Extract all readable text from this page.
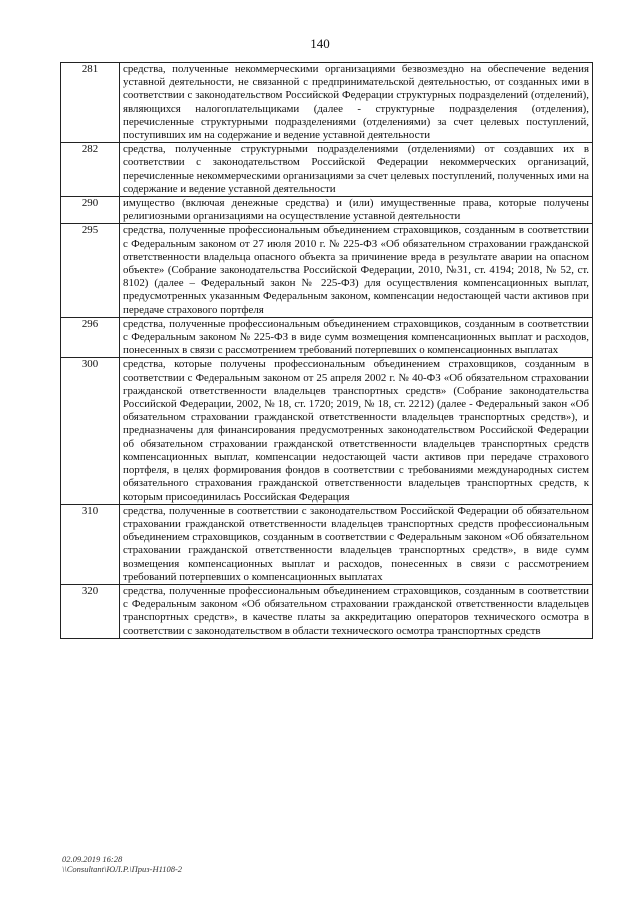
140
281	средства, полученные некоммерческими организациями безвозмездно на обеспечение ведения уставной деятельности, не связанной с предпринимательской деятельностью, от созданных ими в соответствии с законодательством Российской Федерации структурных подразделений (отделений), являющихся налогоплательщиками (далее - структурные подразделения (отделения), перечисленные структурными подразделениями (отделениями) за счет целевых поступлений, поступивших им на содержание и ведение уставной деятельности
282	средства, полученные структурными подразделениями (отделениями) от создавших их в соответствии с законодательством Российской Федерации некоммерческих организаций, перечисленные некоммерческими организациями за счет целевых поступлений, полученных ими на содержание и ведение уставной деятельности
290	имущество (включая денежные средства) и (или) имущественные права, которые получены религиозными организациями на осуществление уставной деятельности
295	средства, полученные профессиональным объединением страховщиков, созданным в соответствии с Федеральным законом от 27 июля 2010 г. № 225-ФЗ «Об обязательном страховании гражданской ответственности владельца опасного объекта за причинение вреда в результате аварии на опасном объекте» (Собрание законодательства Российской Федерации, 2010, №31, ст. 4194; 2018, № 52, ст. 8102) (далее – Федеральный закон № 225-ФЗ) для осуществления компенсационных выплат, предусмотренных указанным Федеральным законом, компенсации недостающей части активов при передаче страхового портфеля
296	средства, полученные профессиональным объединением страховщиков, созданным в соответствии с Федеральным законом № 225-ФЗ в виде сумм возмещения компенсационных выплат и расходов, понесенных в связи с рассмотрением требований потерпевших о компенсационных выплатах
300	средства, которые получены профессиональным объединением страховщиков, созданным в соответствии с Федеральным законом от 25 апреля 2002 г. № 40-ФЗ «Об обязательном страховании гражданской ответственности владельцев транспортных средств» (Собрание законодательства Российской Федерации, 2002, № 18, ст. 1720; 2019, № 18, ст. 2212) (далее - Федеральный закон «Об обязательном страховании гражданской ответственности владельцев транспортных средств»), и предназначены для финансирования предусмотренных законодательством Российской Федерации об обязательном страховании гражданской ответственности владельцев транспортных средств компенсационных выплат, компенсации недостающей части активов при передаче страхового портфеля, в целях формирования фондов в соответствии с требованиями международных систем обязательного страхования гражданской ответственности владельцев транспортных средств, к которым присоединилась Российская Федерация
310	средства, полученные в соответствии с законодательством Российской Федерации об обязательном страховании гражданской ответственности владельцев транспортных средств профессиональным объединением страховщиков, созданным в соответствии с Федеральным законом «Об обязательном страховании гражданской ответственности владельцев транспортных средств», в виде сумм возмещения компенсационных выплат и расходов, понесенных в связи с рассмотрением требований потерпевших о компенсационных выплатах
320	средства, полученные профессиональным объединением страховщиков, созданным в соответствии с Федеральным законом «Об обязательном страховании гражданской ответственности владельцев транспортных средств», в качестве платы за аккредитацию операторов технического осмотра в соответствии с законодательством в области технического осмотра транспортных средств
02.09.2019 16:28
\\Consultant\ЮЛ.Р.\Приз-Н1108-2
